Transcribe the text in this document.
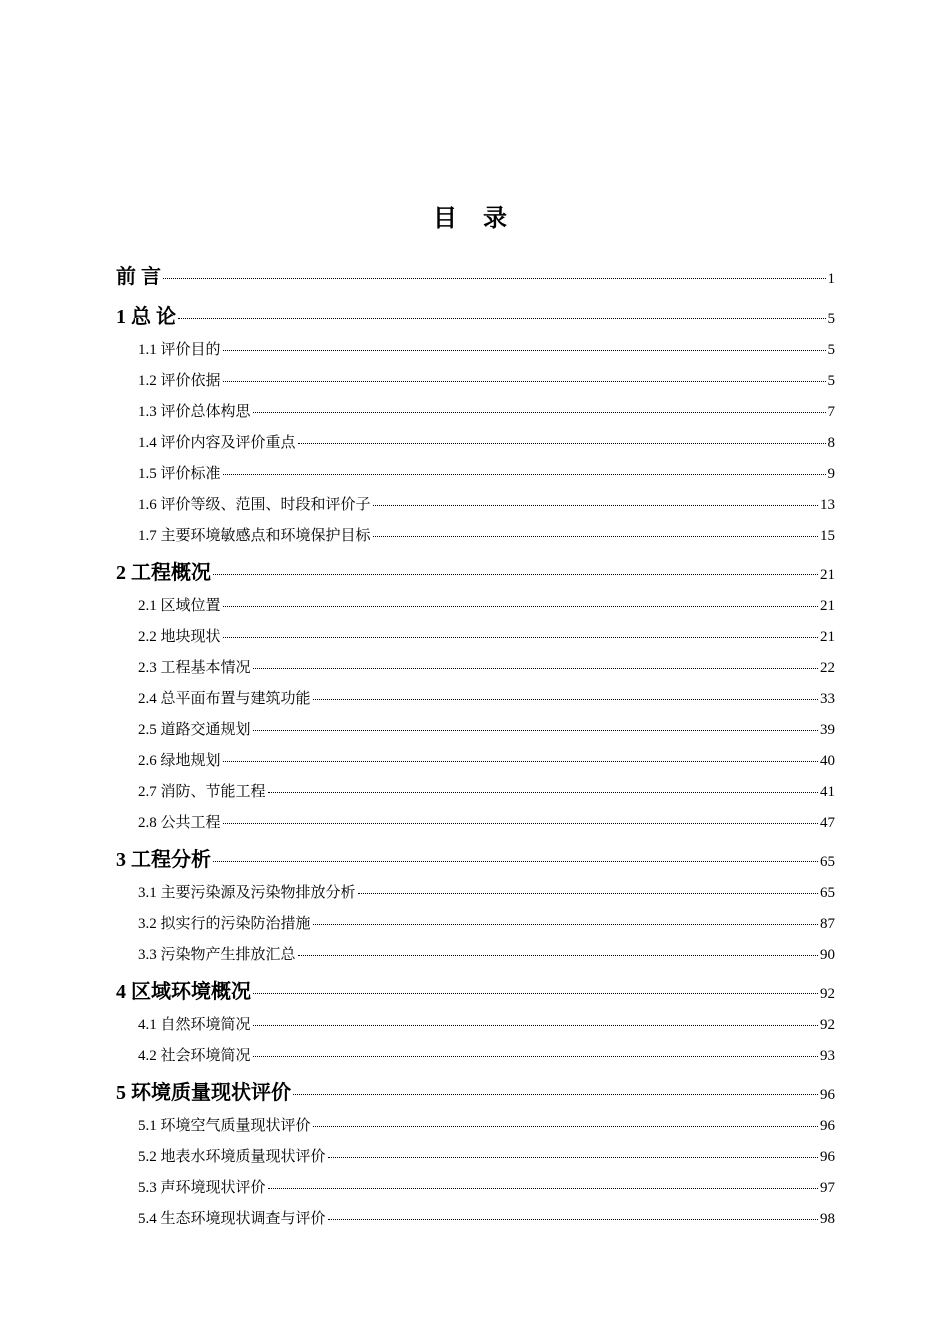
目 录
前 言	1
1 总 论	5
1.1 评价目的	5
1.2 评价依据	5
1.3 评价总体构思	7
1.4 评价内容及评价重点	8
1.5 评价标准	9
1.6 评价等级、范围、时段和评价子	13
1.7 主要环境敏感点和环境保护目标	15
2 工程概况	21
2.1 区域位置	21
2.2 地块现状	21
2.3 工程基本情况	22
2.4 总平面布置与建筑功能	33
2.5 道路交通规划	39
2.6 绿地规划	40
2.7 消防、节能工程	41
2.8 公共工程	47
3 工程分析	65
3.1 主要污染源及污染物排放分析	65
3.2 拟实行的污染防治措施	87
3.3 污染物产生排放汇总	90
4 区域环境概况	92
4.1 自然环境简况	92
4.2 社会环境简况	93
5 环境质量现状评价	96
5.1 环境空气质量现状评价	96
5.2 地表水环境质量现状评价	96
5.3 声环境现状评价	97
5.4 生态环境现状调查与评价	98
